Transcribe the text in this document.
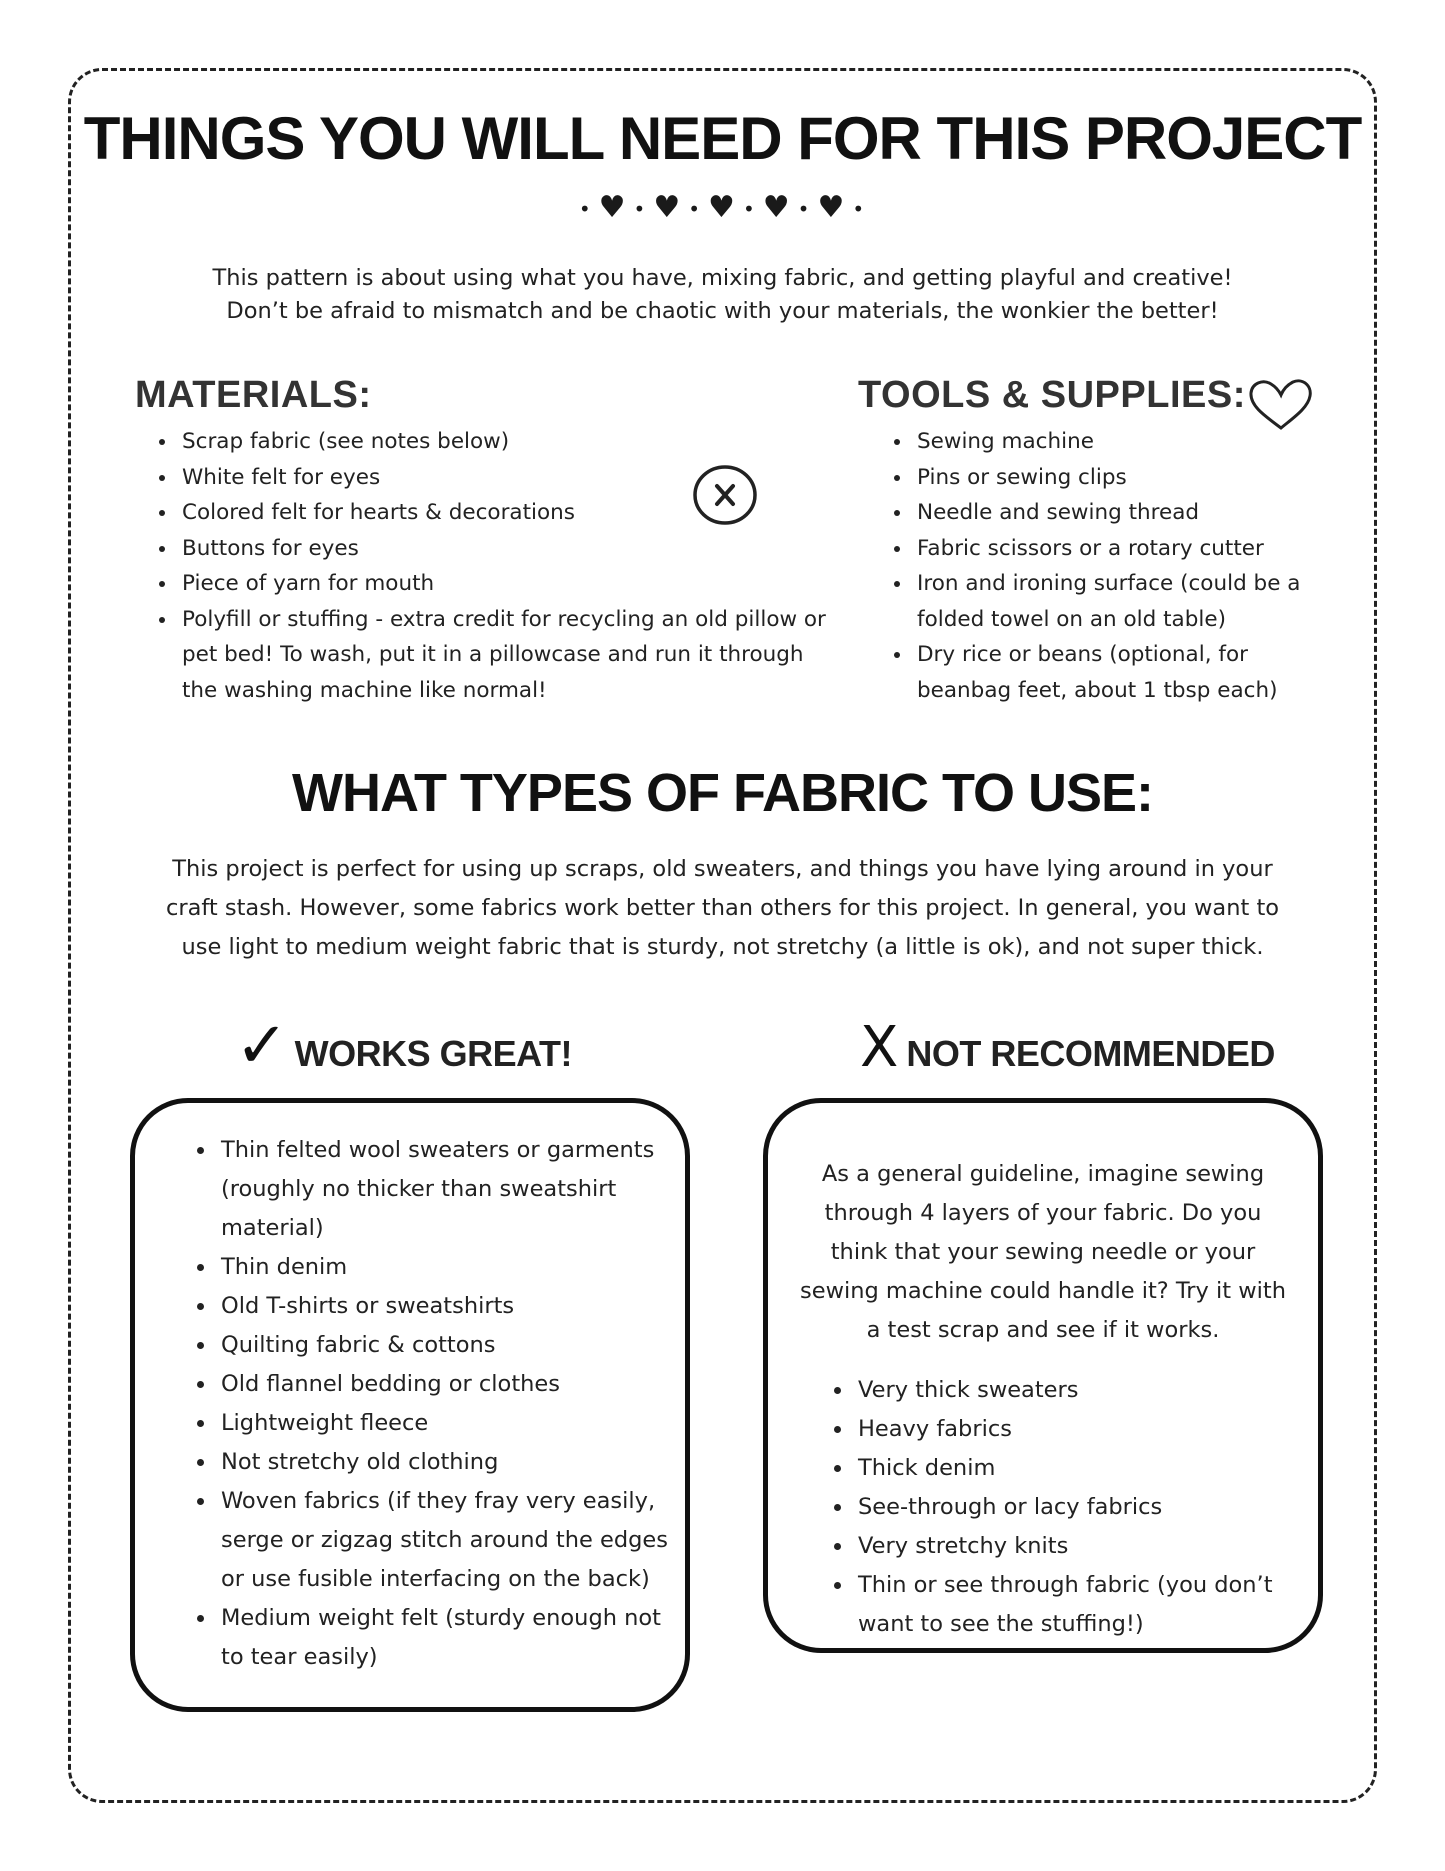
THINGS YOU WILL NEED FOR THIS PROJECT
• ♥ • ♥ • ♥ • ♥ • ♥ •

This pattern is about using what you have, mixing fabric, and getting playful and creative!

Don’t be afraid to mismatch and be chaotic with your materials, the wonkier the better!

MATERIALS:
• Scrap fabric (see notes below)
• White felt for eyes
• Colored felt for hearts & decorations
• Buttons for eyes
• Piece of yarn for mouth
• Polyfill or stuffing - extra credit for recycling an old pillow or pet bed! To wash, put it in a pillowcase and run it through the washing machine like normal!
TOOLS & SUPPLIES:
• Sewing machine
• Pins or sewing clips
• Needle and sewing thread
• Fabric scissors or a rotary cutter
• Iron and ironing surface (could be a folded towel on an old table)
• Dry rice or beans (optional, for beanbag feet, about 1 tbsp each)
WHAT TYPES OF FABRIC TO USE:

This project is perfect for using up scraps, old sweaters, and things you have lying around in your

craft stash. However, some fabrics work better than others for this project. In general, you want to

use light to medium weight fabric that is sturdy, not stretchy (a little is ok), and not super thick.

✓ WORKS GREAT!
• Thin felted wool sweaters or garments (roughly no thicker than sweatshirt material)
• Thin denim
• Old T-shirts or sweatshirts
• Quilting fabric & cottons
• Old flannel bedding or clothes
• Lightweight fleece
• Not stretchy old clothing
• Woven fabrics (if they fray very easily, serge or zigzag stitch around the edges or use fusible interfacing on the back)
• Medium weight felt (sturdy enough not to tear easily)
X NOT RECOMMENDED

As a general guideline, imagine sewing through 4 layers of your fabric. Do you think that your sewing needle or your sewing machine could handle it? Try it with a test scrap and see if it works.

• Very thick sweaters
• Heavy fabrics
• Thick denim
• See-through or lacy fabrics
• Very stretchy knits
• Thin or see through fabric (you don’t want to see the stuffing!)
